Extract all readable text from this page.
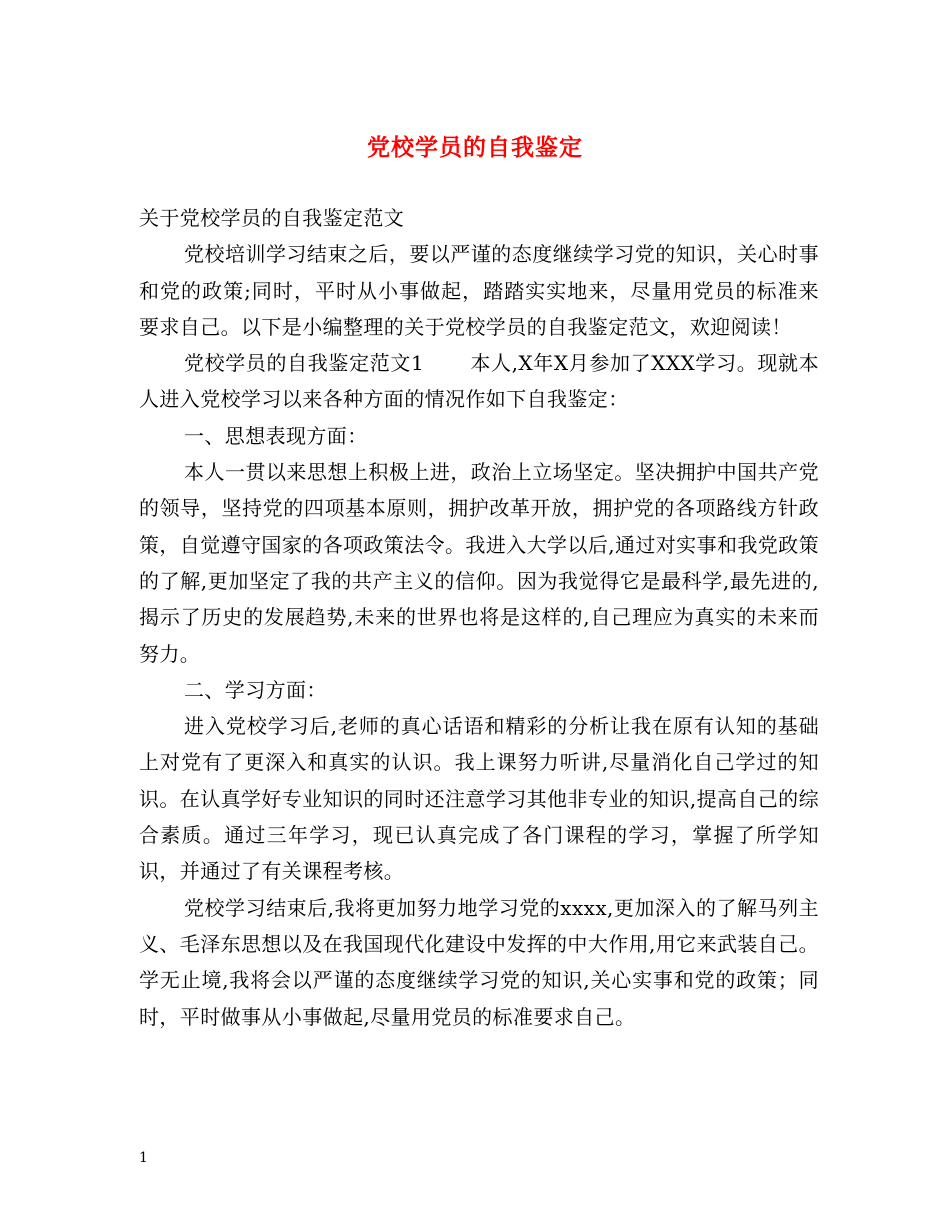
党校学员的自我鉴定

关于党校学员的自我鉴定范文

党校培训学习结束之后，要以严谨的态度继续学习党的知识，关心时事和党的政策;同时，平时从小事做起，踏踏实实地来，尽量用党员的标准来要求自己。以下是小编整理的关于党校学员的自我鉴定范文，欢迎阅读！

党校学员的自我鉴定范文1 本人,X年X月参加了XXX学习。现就本人进入党校学习以来各种方面的情况作如下自我鉴定：

一、思想表现方面：

本人一贯以来思想上积极上进，政治上立场坚定。坚决拥护中国共产党的领导，坚持党的四项基本原则，拥护改革开放，拥护党的各项路线方针政策，自觉遵守国家的各项政策法令。我进入大学以后,通过对实事和我党政策的了解,更加坚定了我的共产主义的信仰。因为我觉得它是最科学,最先进的,揭示了历史的发展趋势,未来的世界也将是这样的,自己理应为真实的未来而努力。

二、学习方面：

进入党校学习后,老师的真心话语和精彩的分析让我在原有认知的基础上对党有了更深入和真实的认识。我上课努力听讲,尽量消化自己学过的知识。在认真学好专业知识的同时还注意学习其他非专业的知识,提高自己的综合素质。通过三年学习，现已认真完成了各门课程的学习，掌握了所学知识，并通过了有关课程考核。

党校学习结束后,我将更加努力地学习党的xxxx,更加深入的了解马列主义、毛泽东思想以及在我国现代化建设中发挥的中大作用,用它来武装自己。学无止境,我将会以严谨的态度继续学习党的知识,关心实事和党的政策；同时，平时做事从小事做起,尽量用党员的标准要求自己。

1
